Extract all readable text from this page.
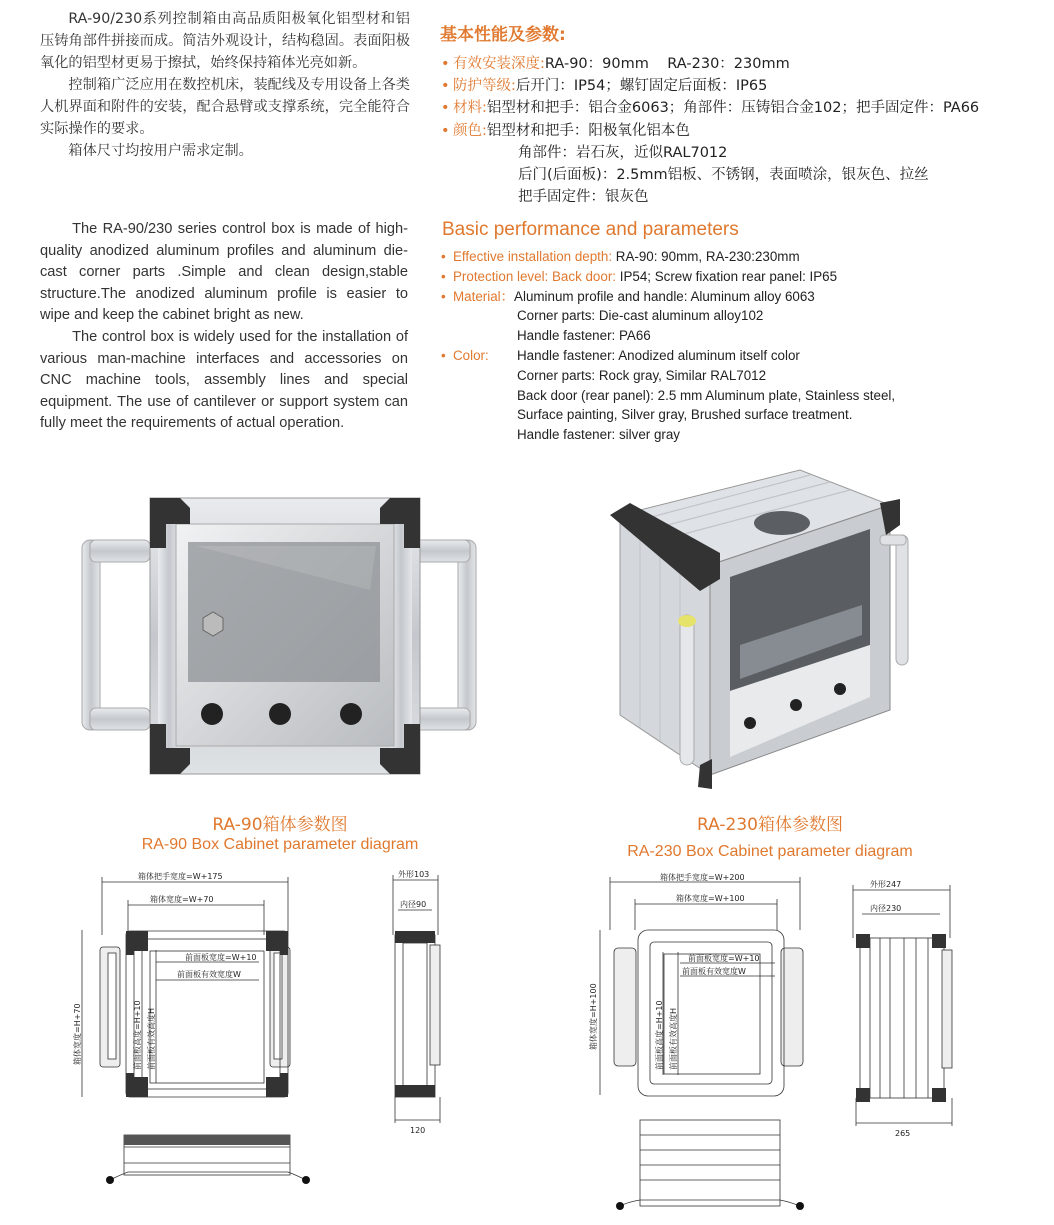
RA-90/230系列控制箱由高品质阳极氧化铝型材和铝压铸角部件拼接而成。简洁外观设计，结构稳固。表面阳极氧化的铝型材更易于擦拭，始终保持箱体光亮如新。

控制箱广泛应用在数控机床，装配线及专用设备上各类人机界面和附件的安装，配合悬臂或支撑系统，完全能符合实际操作的要求。

箱体尺寸均按用户需求定制。

The RA-90/230 series control box is made of high-quality anodized aluminum profiles and aluminum die-cast corner parts .Simple and clean design,stable structure.The anodized aluminum profile is easier to wipe and keep the cabinet bright as new.

The control box is widely used for the installation of various man-machine interfaces and accessories on CNC machine tools, assembly lines and special equipment. The use of cantilever or support system can fully meet the requirements of actual operation.

基本性能及参数:
• 有效安装深度: RA-90：90mm    RA-230：230mm
• 防护等级: 后开门：IP54；螺钉固定后面板：IP65
• 材料: 铝型材和把手：铝合金6063；角部件：压铸铝合金102；把手固定件：PA66
• 颜色: 铝型材和把手：阳极氧化铝本色
角部件：岩石灰，近似RAL7012
后门(后面板)：2.5mm铝板、不锈钢，表面喷涂，银灰色、拉丝
把手固定件：银灰色
Basic performance and parameters
• Effective installation depth: RA-90: 90mm, RA-230:230mm
• Protection level: Back door: IP54; Screw fixation rear panel: IP65
• Material： Aluminum profile and handle: Aluminum alloy 6063
Corner parts: Die-cast aluminum alloy102
Handle fastener: PA66
• Color:	Handle fastener: Anodized aluminum itself color
Corner parts: Rock gray, Similar RAL7012
Back door (rear panel): 2.5 mm Aluminum plate, Stainless steel,
Surface painting, Silver gray, Brushed surface treatment.
Handle fastener: silver gray
RA-90箱体参数图
RA-90 Box Cabinet parameter diagram
RA-230箱体参数图
RA-230 Box Cabinet parameter diagram
箱体把手宽度=W+175
箱体宽度=W+70
前面板宽度=W+10
前面板有效宽度W
箱体宽度=H+70	前面板高度=H+10 前面板有效高度H
外形103
内径90
120
箱体把手宽度=W+200
箱体宽度=W+100
前面板宽度=W+10
前面板有效宽度W
箱体宽度=H+100	前面板高度=H+10 前面板有效高度H
外形247
内径230
265
